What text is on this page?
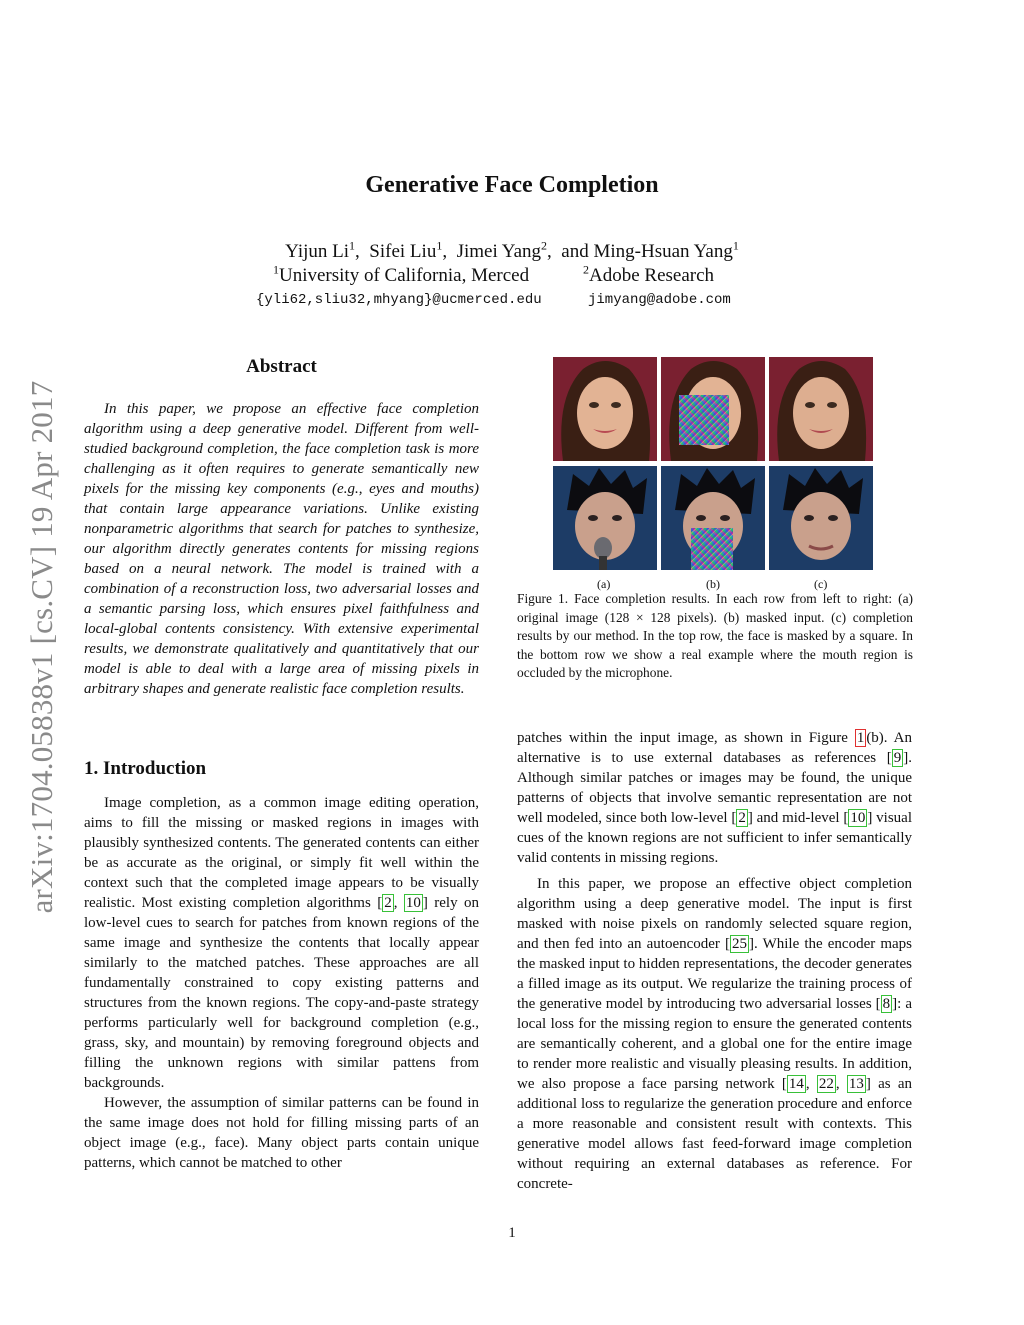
arXiv:1704.05838v1 [cs.CV] 19 Apr 2017
Generative Face Completion
Yijun Li$^1$,  Sifei Liu$^1$,  Jimei Yang$^2$,  and Ming-Hsuan Yang$^1$
$^1$University of California, Merced	$^2$Adobe Research
{yli62,sliu32,mhyang}@ucmerced.edu	jimyang@adobe.com
Abstract

In this paper, we propose an effective face completion algorithm using a deep generative model. Different from well-studied background completion, the face completion task is more challenging as it often requires to generate semantically new pixels for the missing key components (e.g., eyes and mouths) that contain large appearance variations. Unlike existing nonparametric algorithms that search for patches to synthesize, our algorithm directly generates contents for missing regions based on a neural network. The model is trained with a combination of a reconstruction loss, two adversarial losses and a semantic parsing loss, which ensures pixel faithfulness and local-global contents consistency. With extensive experimental results, we demonstrate qualitatively and quantitatively that our model is able to deal with a large area of missing pixels in arbitrary shapes and generate realistic face completion results.

1. Introduction

Image completion, as a common image editing operation, aims to fill the missing or masked regions in images with plausibly synthesized contents. The generated contents can either be as accurate as the original, or simply fit well within the context such that the completed image appears to be visually realistic. Most existing completion algorithms [ 2 , 10 ] rely on low-level cues to search for patches from known regions of the same image and synthesize the contents that locally appear similarly to the matched patches. These approaches are all fundamentally constrained to copy existing patterns and structures from the known regions. The copy-and-paste strategy performs particularly well for background completion (e.g., grass, sky, and mountain) by removing foreground objects and filling the unknown regions with similar pattens from backgrounds.

However, the assumption of similar patterns can be found in the same image does not hold for filling missing parts of an object image (e.g., face). Many object parts contain unique patterns, which cannot be matched to other

(a)	(b)	(c)
Figure 1. Face completion results. In each row from left to right: (a) original image (128 × 128 pixels). (b) masked input. (c) completion results by our method. In the top row, the face is masked by a square. In the bottom row we show a real example where the mouth region is occluded by the microphone.

patches within the input image, as shown in Figure 1 (b). An alternative is to use external databases as references [ 9 ]. Although similar patches or images may be found, the unique patterns of objects that involve semantic representation are not well modeled, since both low-level [ 2 ] and mid-level [ 10 ] visual cues of the known regions are not sufficient to infer semantically valid contents in missing regions.

In this paper, we propose an effective object completion algorithm using a deep generative model. The input is first masked with noise pixels on randomly selected square region, and then fed into an autoencoder [ 25 ]. While the encoder maps the masked input to hidden representations, the decoder generates a filled image as its output. We regularize the training process of the generative model by introducing two adversarial losses [ 8 ]: a local loss for the missing region to ensure the generated contents are semantically coherent, and a global one for the entire image to render more realistic and visually pleasing results. In addition, we also propose a face parsing network [ 14 , 22 , 13 ] as an additional loss to regularize the generation procedure and enforce a more reasonable and consistent result with contexts. This generative model allows fast feed-forward image completion without requiring an external databases as reference. For concrete-

1
